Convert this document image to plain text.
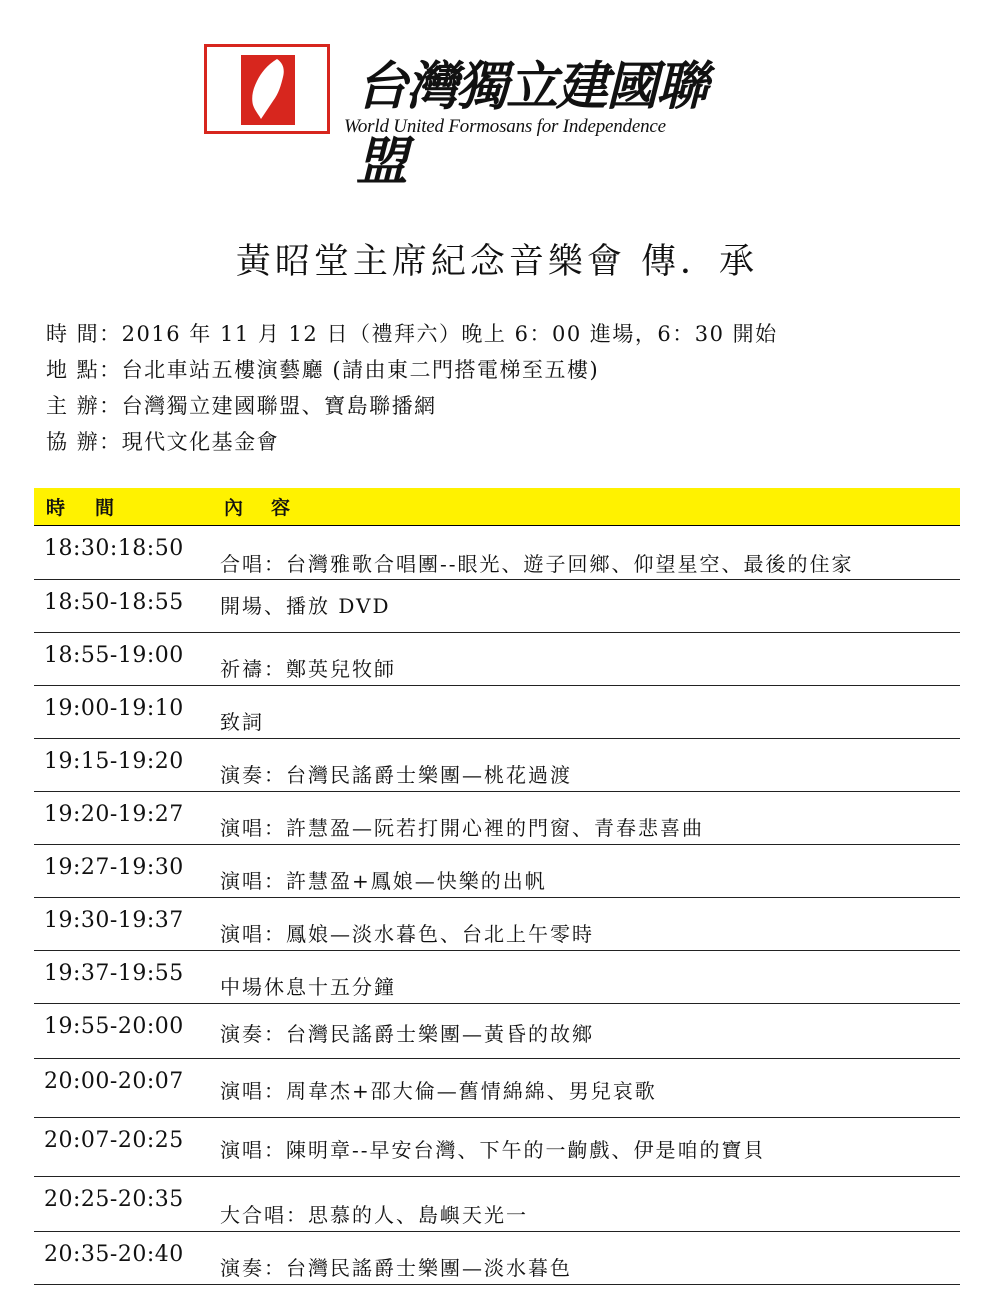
台灣獨立建國聯盟
World United Formosans for Independence
黃昭堂主席紀念音樂會 傳．承
時 間：2016 年 11 月 12 日（禮拜六）晚上 6：00 進場，6：30 開始
地 點：台北車站五樓演藝廳 (請由東二門搭電梯至五樓)
主 辦：台灣獨立建國聯盟、寶島聯播網
協 辦：現代文化基金會
時間	內容
18:30:18:50
合唱：台灣雅歌合唱團--眼光、遊子回鄉、仰望星空、最後的住家
18:50-18:55 開場、播放 DVD
18:55-19:00
祈禱：鄭英兒牧師
19:00-19:10
致詞
19:15-19:20
演奏：台灣民謠爵士樂團—桃花過渡
19:20-19:27
演唱：許慧盈—阮若打開心裡的門窗、青春悲喜曲
19:27-19:30
演唱：許慧盈+鳳娘—快樂的出帆
19:30-19:37
演唱：鳳娘—淡水暮色、台北上午零時
19:37-19:55
中場休息十五分鐘
19:55-20:00 演奏：台灣民謠爵士樂團—黃昏的故鄉
20:00-20:07 演唱：周韋杰+邵大倫—舊情綿綿、男兒哀歌
20:07-20:25 演唱：陳明章--早安台灣、下午的一齣戲、伊是咱的寶貝
20:25-20:35
大合唱：思慕的人、島嶼天光一
20:35-20:40
演奏：台灣民謠爵士樂團—淡水暮色
